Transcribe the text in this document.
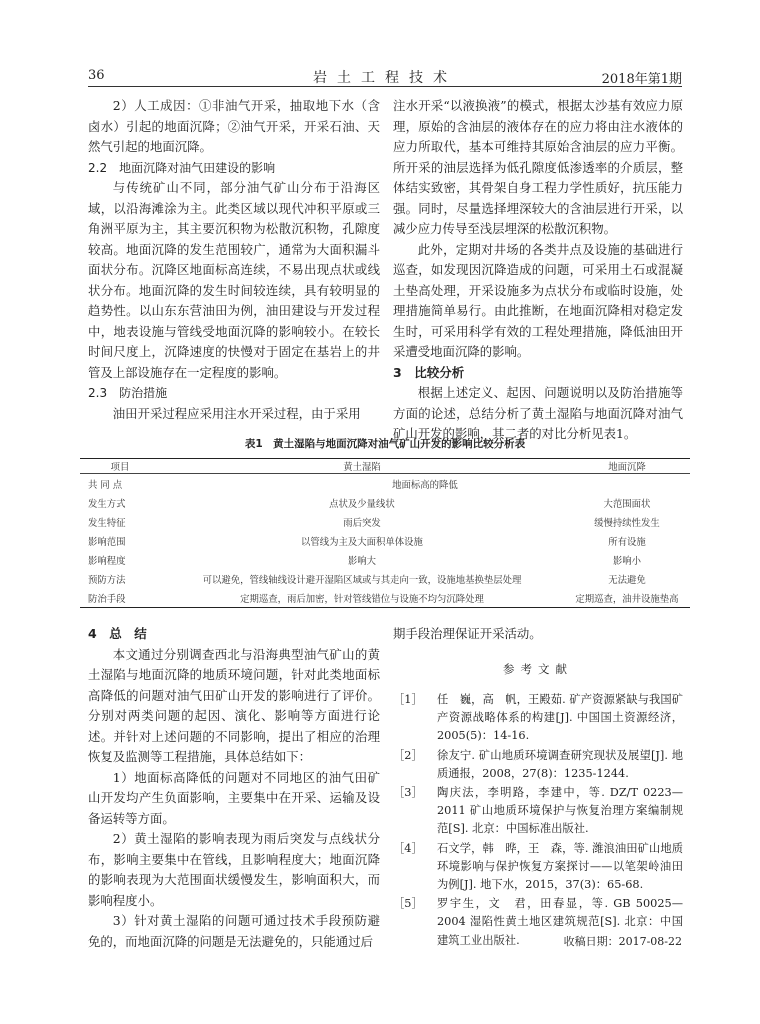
36	岩土工程技术	2018年第1期

2）人工成因：①非油气开采，抽取地下水（含卤水）引起的地面沉降；②油气开采，开采石油、天然气引起的地面沉降。

2.2　地面沉降对油气田建设的影响

与传统矿山不同，部分油气矿山分布于沿海区域，以沿海滩涂为主。此类区域以现代冲积平原或三角洲平原为主，其主要沉积物为松散沉积物，孔隙度较高。地面沉降的发生范围较广，通常为大面积漏斗面状分布。沉降区地面标高连续，不易出现点状或线状分布。地面沉降的发生时间较连续，具有较明显的趋势性。以山东东营油田为例，油田建设与开发过程中，地表设施与管线受地面沉降的影响较小。在较长时间尺度上，沉降速度的快慢对于固定在基岩上的井管及上部设施存在一定程度的影响。

2.3　防治措施

油田开采过程应采用注水开采过程，由于采用

注水开采“以液换液”的模式，根据太沙基有效应力原理，原始的含油层的液体存在的应力将由注水液体的应力所取代，基本可维持其原始含油层的应力平衡。所开采的油层选择为低孔隙度低渗透率的介质层，整体结实致密，其骨架自身工程力学性质好，抗压能力强。同时，尽量选择埋深较大的含油层进行开采，以减少应力传导至浅层埋深的松散沉积物。

此外，定期对井场的各类井点及设施的基础进行巡查，如发现因沉降造成的问题，可采用土石或混凝土垫高处理，开采设施多为点状分布或临时设施，处理措施简单易行。由此推断，在地面沉降相对稳定发生时，可采用科学有效的工程处理措施，降低油田开采遭受地面沉降的影响。

3　比较分析

根据上述定义、起因、问题说明以及防治措施等方面的论述，总结分析了黄土湿陷与地面沉降对油气矿山开发的影响，其二者的对比分析见表1。

表1　黄土湿陷与地面沉降对油气矿山开发的影响比较分析表
项目	黄土湿陷	地面沉降
共 同 点	地面标高的降低	
发生方式	点状及少量线状	大范围面状
发生特征	雨后突发	缓慢持续性发生
影响范围	以管线为主及大面积单体设施	所有设施
影响程度	影响大	影响小
预防方法	可以避免，管线轴线设计避开湿陷区域或与其走向一致，设施地基换垫层处理	无法避免
防治手段	定期巡查，雨后加密，针对管线错位与设施不均匀沉降处理	定期巡查，油井设施垫高

4　总　结

本文通过分别调查西北与沿海典型油气矿山的黄土湿陷与地面沉降的地质环境问题，针对此类地面标高降低的问题对油气田矿山开发的影响进行了评价。分别对两类问题的起因、演化、影响等方面进行论述。并针对上述问题的不同影响，提出了相应的治理恢复及监测等工程措施，具体总结如下：

1）地面标高降低的问题对不同地区的油气田矿山开发均产生负面影响，主要集中在开采、运输及设备运转等方面。

2）黄土湿陷的影响表现为雨后突发与点线状分布，影响主要集中在管线，且影响程度大；地面沉降的影响表现为大范围面状缓慢发生，影响面积大，而影响程度小。

3）针对黄土湿陷的问题可通过技术手段预防避免的，而地面沉降的问题是无法避免的，只能通过后

期手段治理保证开采活动。

参考文献
［1］ 任　巍，高　帆，王殿茹. 矿产资源紧缺与我国矿产资源战略体系的构建[J]. 中国国土资源经济，2005(5)：14-16.
［2］ 徐友宁. 矿山地质环境调查研究现状及展望[J]. 地质通报，2008，27(8)：1235-1244.
［3］ 陶庆法，李明路，李建中，等. DZ/T 0223—2011 矿山地质环境保护与恢复治理方案编制规范[S]. 北京：中国标准出版社.
［4］ 石文学，韩　晔，王　森，等. 潍浪油田矿山地质环境影响与保护恢复方案探讨——以笔架岭油田为例[J]. 地下水，2015，37(3)：65-68.
［5］ 罗宇生，文　君，田春显，等. GB 50025—2004 湿陷性黄土地区建筑规范[S]. 北京：中国建筑工业出版社.	收稿日期：2017-08-22
